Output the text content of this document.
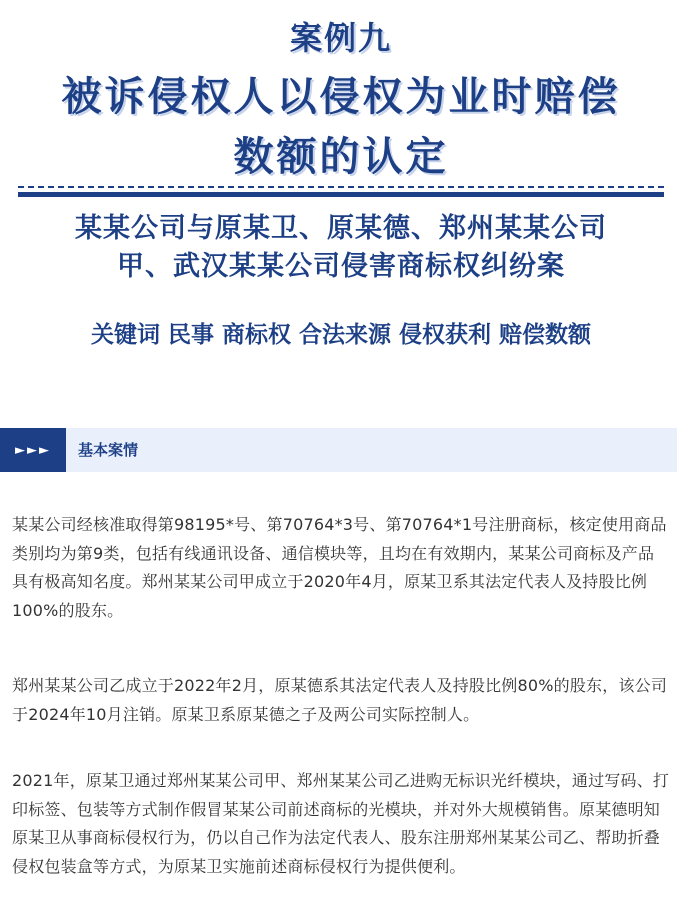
案例九
被诉侵权人以侵权为业时赔偿
数额的认定
某某公司与原某卫、原某德、郑州某某公司
甲、武汉某某公司侵害商标权纠纷案
关键词 民事 商标权 合法来源 侵权获利 赔偿数额
►►►	基本案情

某某公司经核准取得第98195*号、第70764*3号、第70764*1号注册商标，核定使用商品类别均为第9类，包括有线通讯设备、通信模块等，且均在有效期内，某某公司商标及产品具有极高知名度。郑州某某公司甲成立于2020年4月，原某卫系其法定代表人及持股比例100%的股东。

郑州某某公司乙成立于2022年2月，原某德系其法定代表人及持股比例80%的股东，该公司于2024年10月注销。原某卫系原某德之子及两公司实际控制人。

2021年，原某卫通过郑州某某公司甲、郑州某某公司乙进购无标识光纤模块，通过写码、打印标签、包装等方式制作假冒某某公司前述商标的光模块，并对外大规模销售。原某德明知原某卫从事商标侵权行为，仍以自己作为法定代表人、股东注册郑州某某公司乙、帮助折叠侵权包装盒等方式，为原某卫实施前述商标侵权行为提供便利。
